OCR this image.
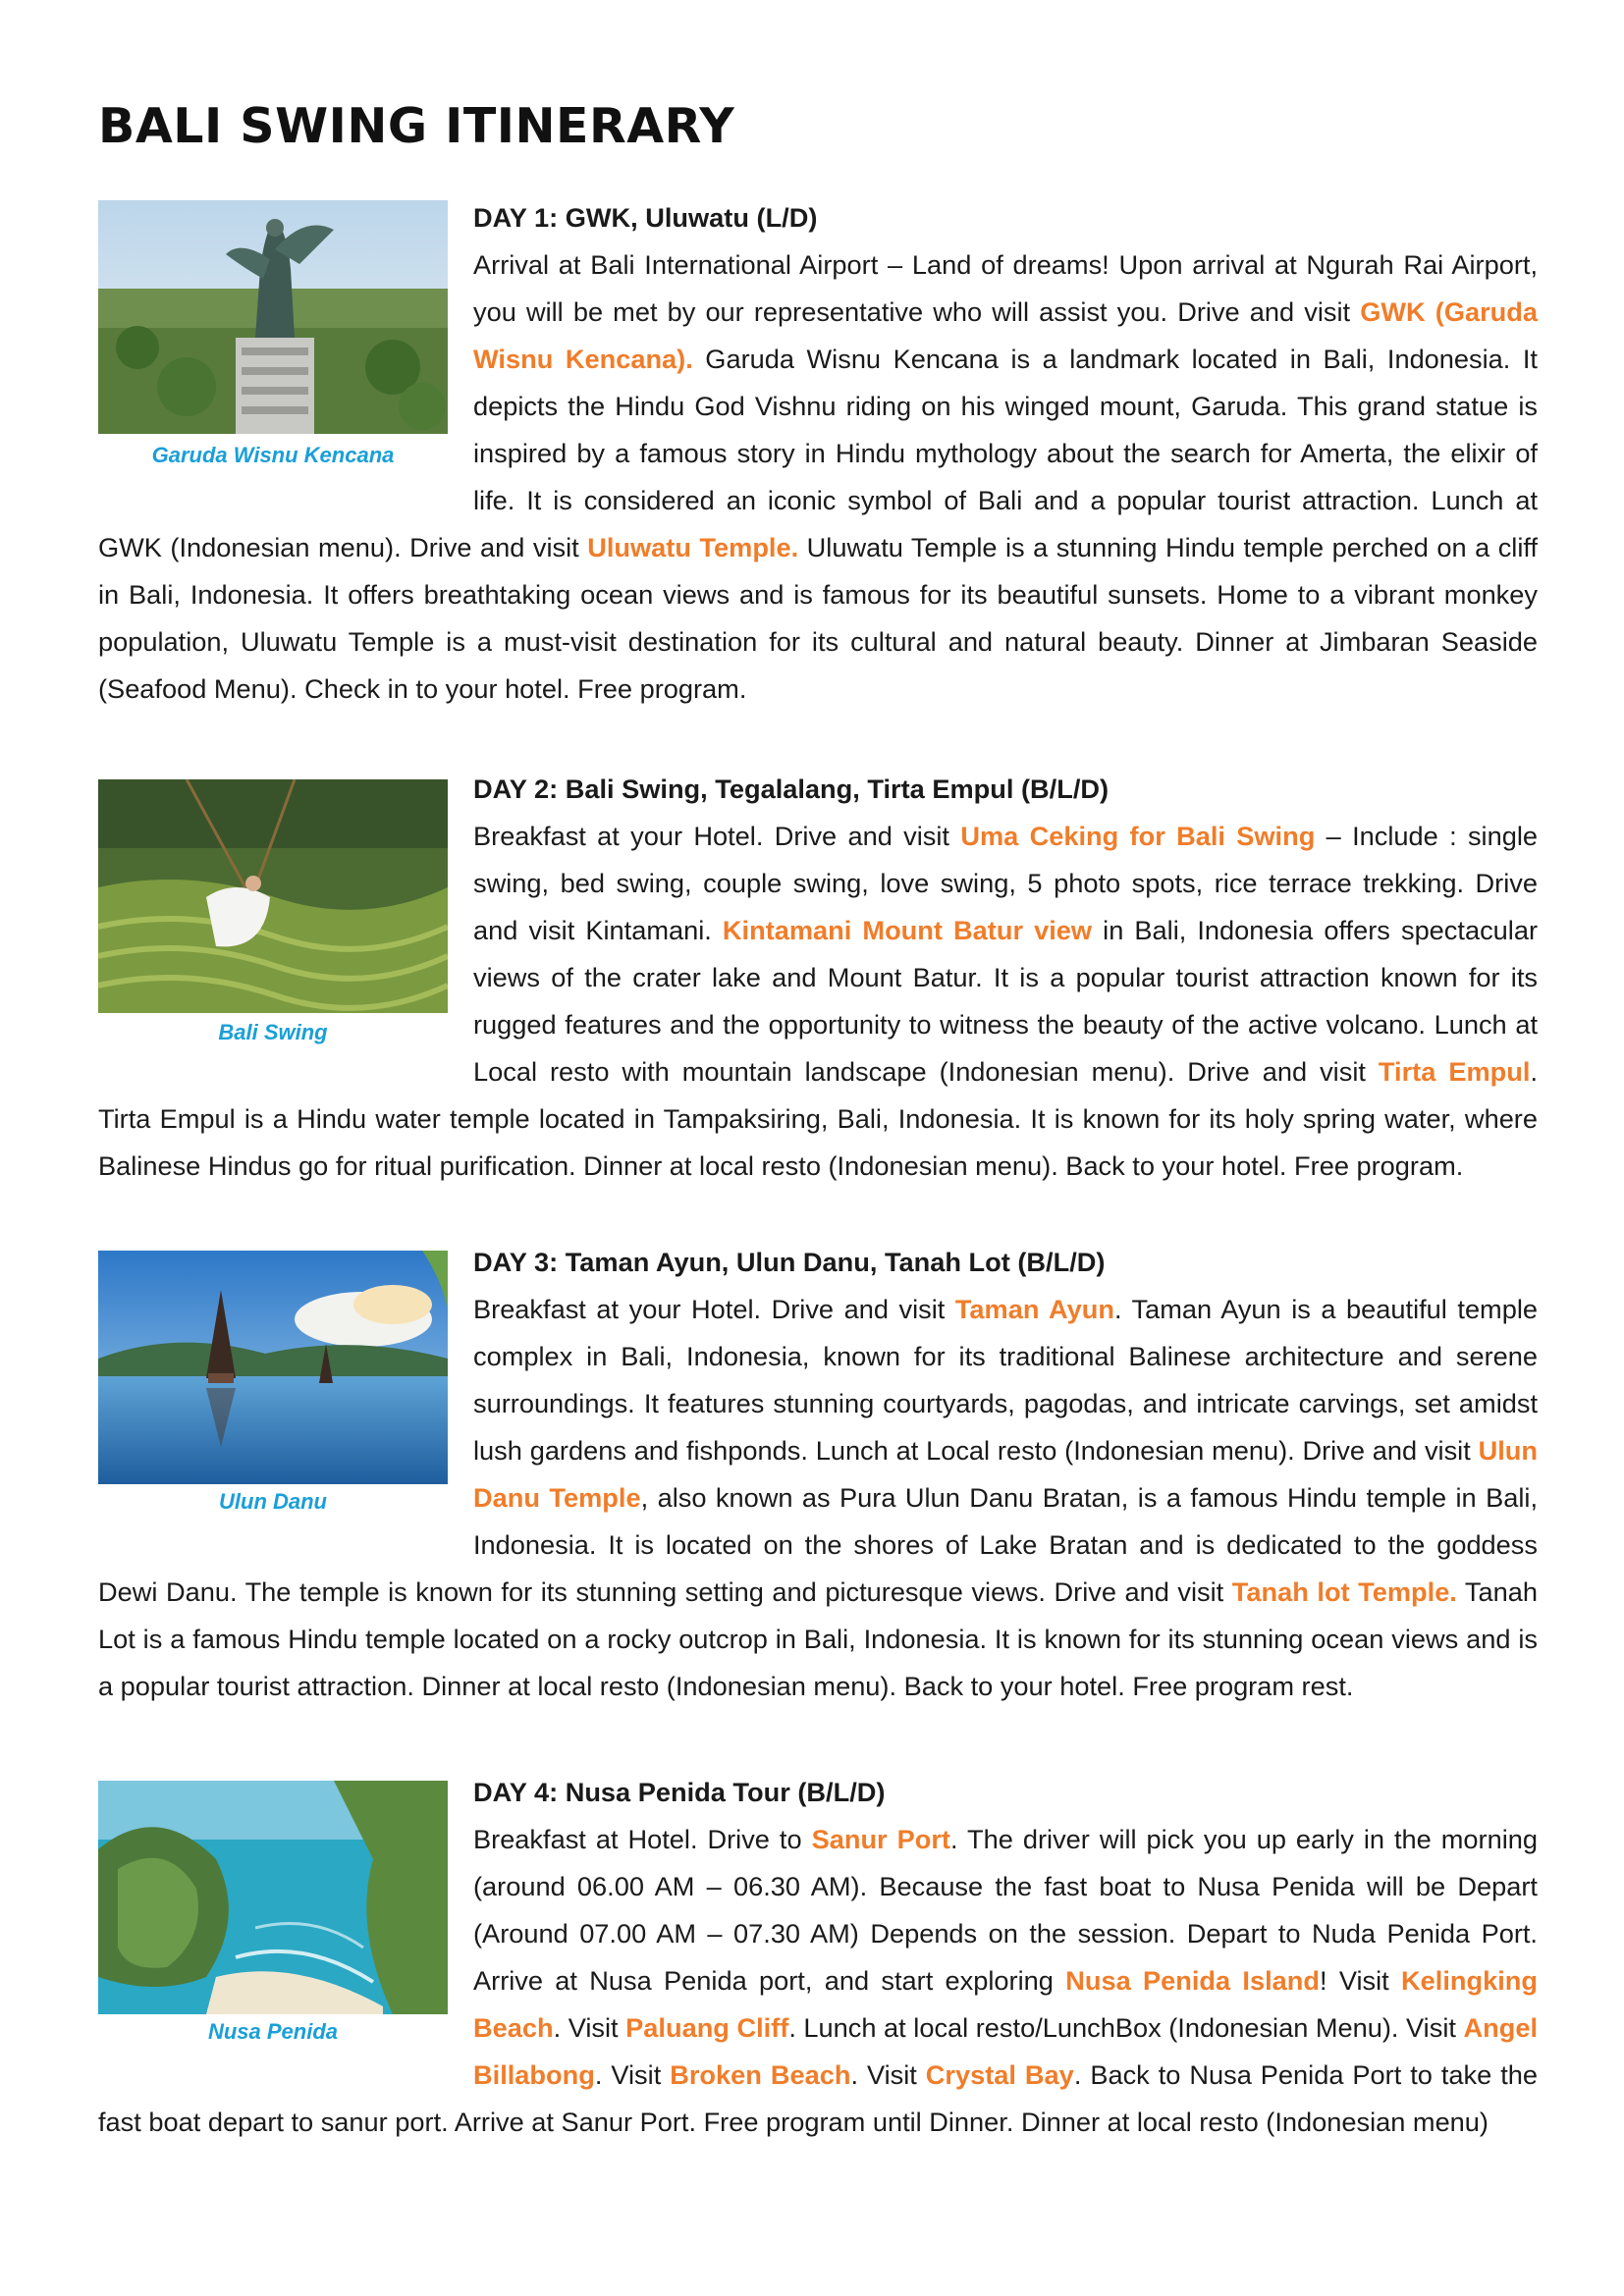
BALI SWING ITINERARY
Garuda Wisnu Kencana

DAY 1: GWK, Uluwatu (L/D)
Arrival at Bali International Airport – Land of dreams! Upon arrival at Ngurah Rai Airport, you will be met by our representative who will assist you. Drive and visit GWK (Garuda Wisnu Kencana). Garuda Wisnu Kencana is a landmark located in Bali, Indonesia. It depicts the Hindu God Vishnu riding on his winged mount, Garuda. This grand statue is inspired by a famous story in Hindu mythology about the search for Amerta, the elixir of life. It is considered an iconic symbol of Bali and a popular tourist attraction. Lunch at GWK (Indonesian menu). Drive and visit Uluwatu Temple. Uluwatu Temple is a stunning Hindu temple perched on a cliff in Bali, Indonesia. It offers breathtaking ocean views and is famous for its beautiful sunsets. Home to a vibrant monkey population, Uluwatu Temple is a must-visit destination for its cultural and natural beauty. Dinner at Jimbaran Seaside (Seafood Menu). Check in to your hotel. Free program.

Bali Swing

DAY 2: Bali Swing, Tegalalang, Tirta Empul (B/L/D)
Breakfast at your Hotel. Drive and visit Uma Ceking for Bali Swing – Include : single swing, bed swing, couple swing, love swing, 5 photo spots, rice terrace trekking. Drive and visit Kintamani. Kintamani Mount Batur view in Bali, Indonesia offers spectacular views of the crater lake and Mount Batur. It is a popular tourist attraction known for its rugged features and the opportunity to witness the beauty of the active volcano. Lunch at Local resto with mountain landscape (Indonesian menu). Drive and visit Tirta Empul. Tirta Empul is a Hindu water temple located in Tampaksiring, Bali, Indonesia. It is known for its holy spring water, where Balinese Hindus go for ritual purification. Dinner at local resto (Indonesian menu). Back to your hotel. Free program.

Ulun Danu

DAY 3: Taman Ayun, Ulun Danu, Tanah Lot (B/L/D)
Breakfast at your Hotel. Drive and visit Taman Ayun. Taman Ayun is a beautiful temple complex in Bali, Indonesia, known for its traditional Balinese architecture and serene surroundings. It features stunning courtyards, pagodas, and intricate carvings, set amidst lush gardens and fishponds. Lunch at Local resto (Indonesian menu). Drive and visit Ulun Danu Temple, also known as Pura Ulun Danu Bratan, is a famous Hindu temple in Bali, Indonesia. It is located on the shores of Lake Bratan and is dedicated to the goddess Dewi Danu. The temple is known for its stunning setting and picturesque views. Drive and visit Tanah lot Temple. Tanah Lot is a famous Hindu temple located on a rocky outcrop in Bali, Indonesia. It is known for its stunning ocean views and is a popular tourist attraction. Dinner at local resto (Indonesian menu). Back to your hotel. Free program rest.

Nusa Penida

DAY 4: Nusa Penida Tour (B/L/D)
Breakfast at Hotel. Drive to Sanur Port. The driver will pick you up early in the morning (around 06.00 AM – 06.30 AM). Because the fast boat to Nusa Penida will be Depart (Around 07.00 AM – 07.30 AM) Depends on the session. Depart to Nuda Penida Port. Arrive at Nusa Penida port, and start exploring Nusa Penida Island! Visit Kelingking Beach. Visit Paluang Cliff. Lunch at local resto/LunchBox (Indonesian Menu). Visit Angel Billabong. Visit Broken Beach. Visit Crystal Bay. Back to Nusa Penida Port to take the fast boat depart to sanur port. Arrive at Sanur Port. Free program until Dinner. Dinner at local resto (Indonesian menu)
